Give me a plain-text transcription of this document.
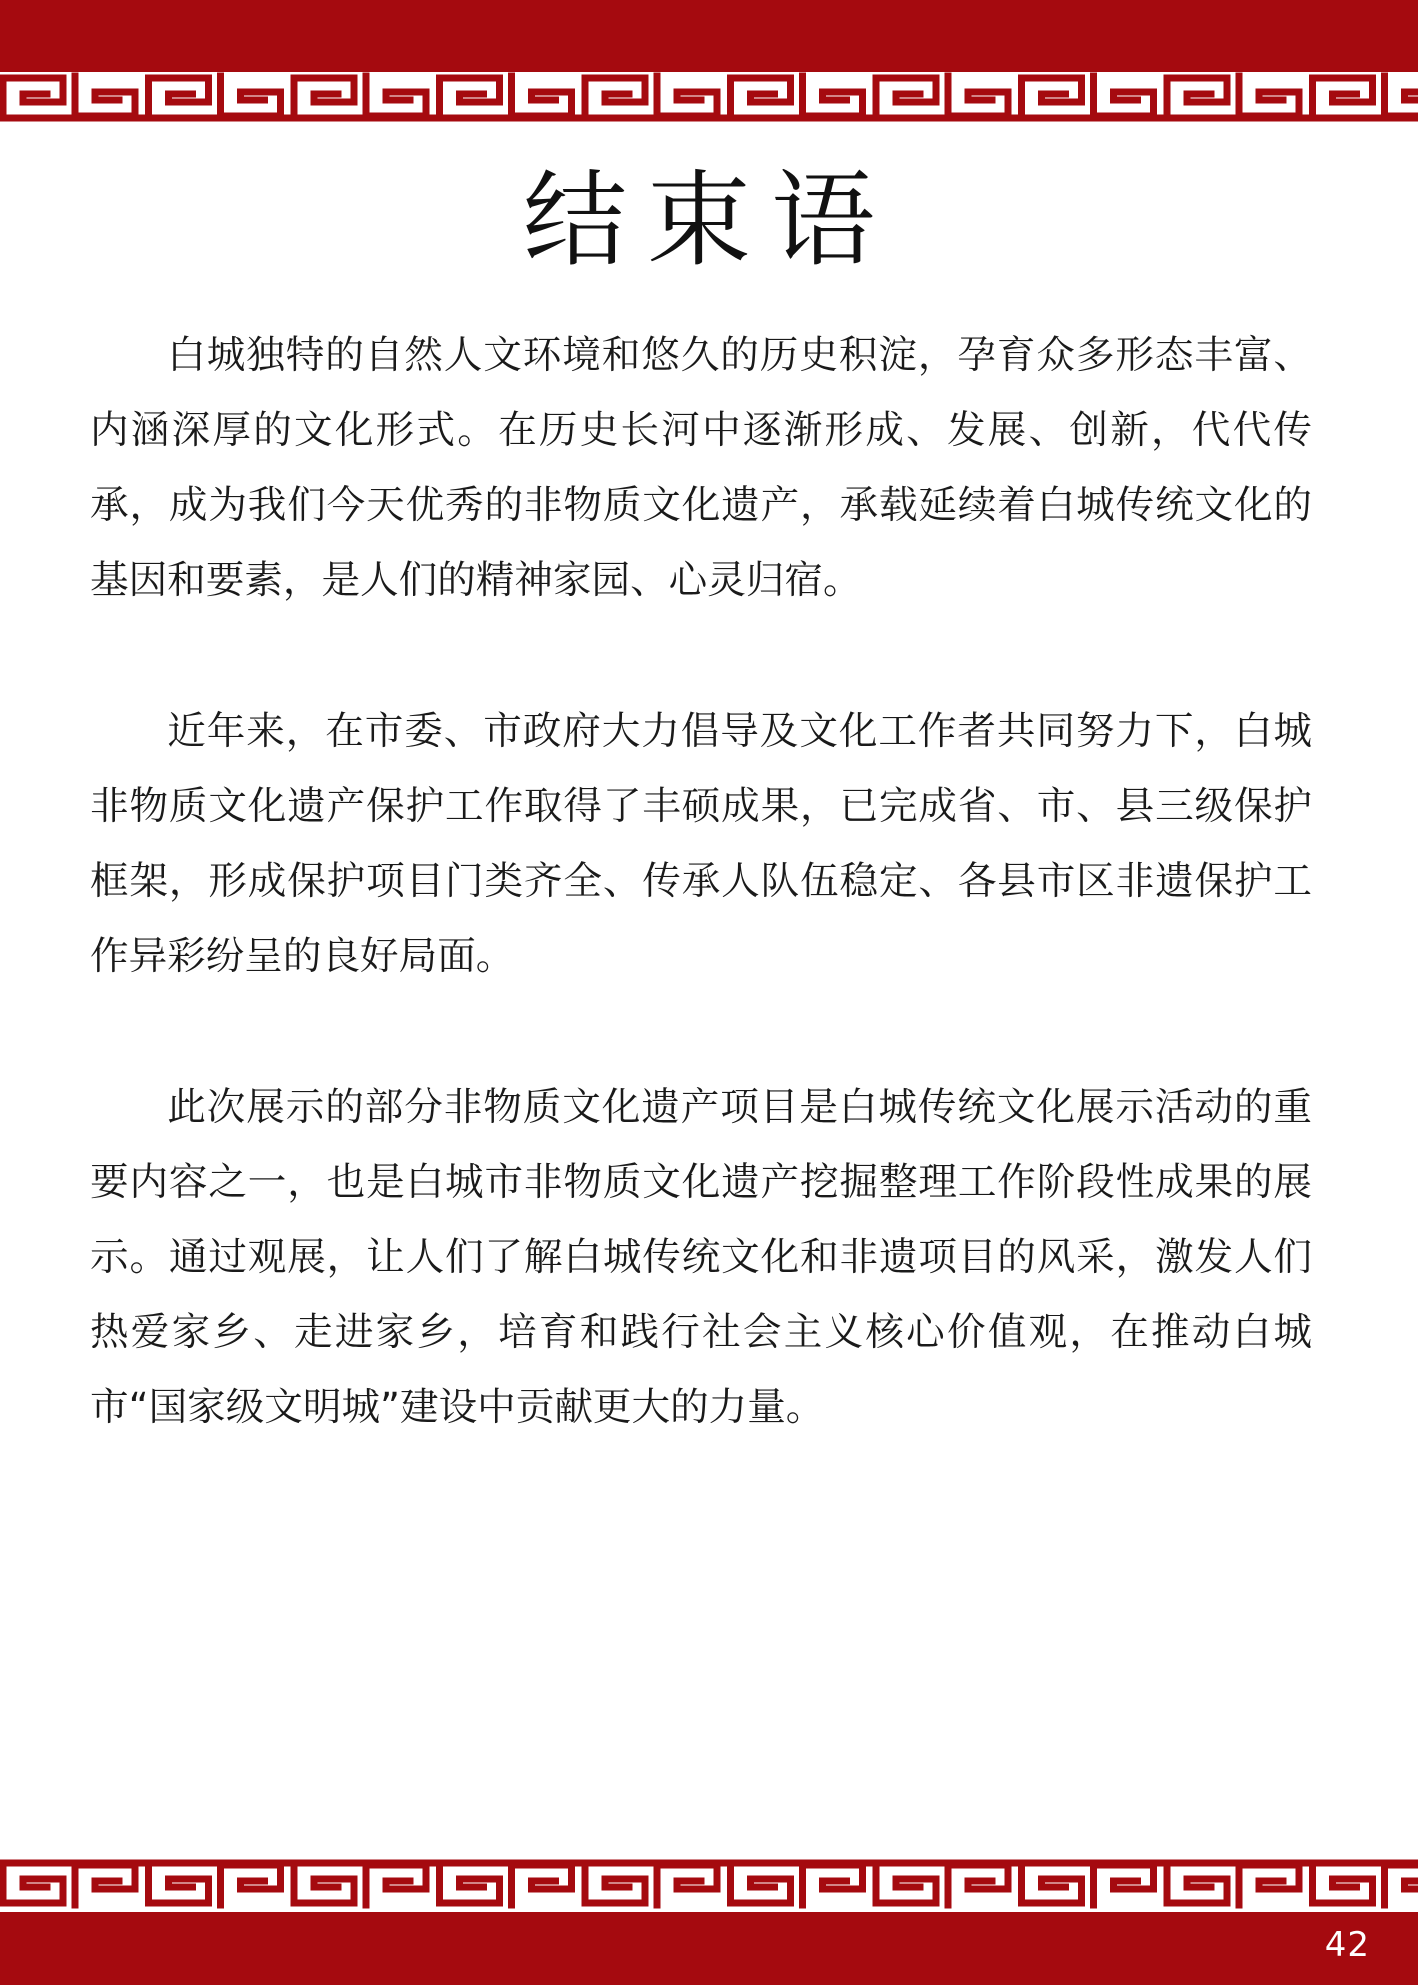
结束语

白城独特的自然人文环境和悠久的历史积淀，孕育众多形态丰富、内涵深厚的文化形式。在历史长河中逐渐形成、发展、创新，代代传承，成为我们今天优秀的非物质文化遗产，承载延续着白城传统文化的基因和要素，是人们的精神家园、心灵归宿。

近年来，在市委、市政府大力倡导及文化工作者共同努力下，白城非物质文化遗产保护工作取得了丰硕成果，已完成省、市、县三级保护框架，形成保护项目门类齐全、传承人队伍稳定、各县市区非遗保护工作异彩纷呈的良好局面。

此次展示的部分非物质文化遗产项目是白城传统文化展示活动的重要内容之一，也是白城市非物质文化遗产挖掘整理工作阶段性成果的展示。通过观展，让人们了解白城传统文化和非遗项目的风采，激发人们热爱家乡、走进家乡，培育和践行社会主义核心价值观，在推动白城市“国家级文明城”建设中贡献更大的力量。

42
